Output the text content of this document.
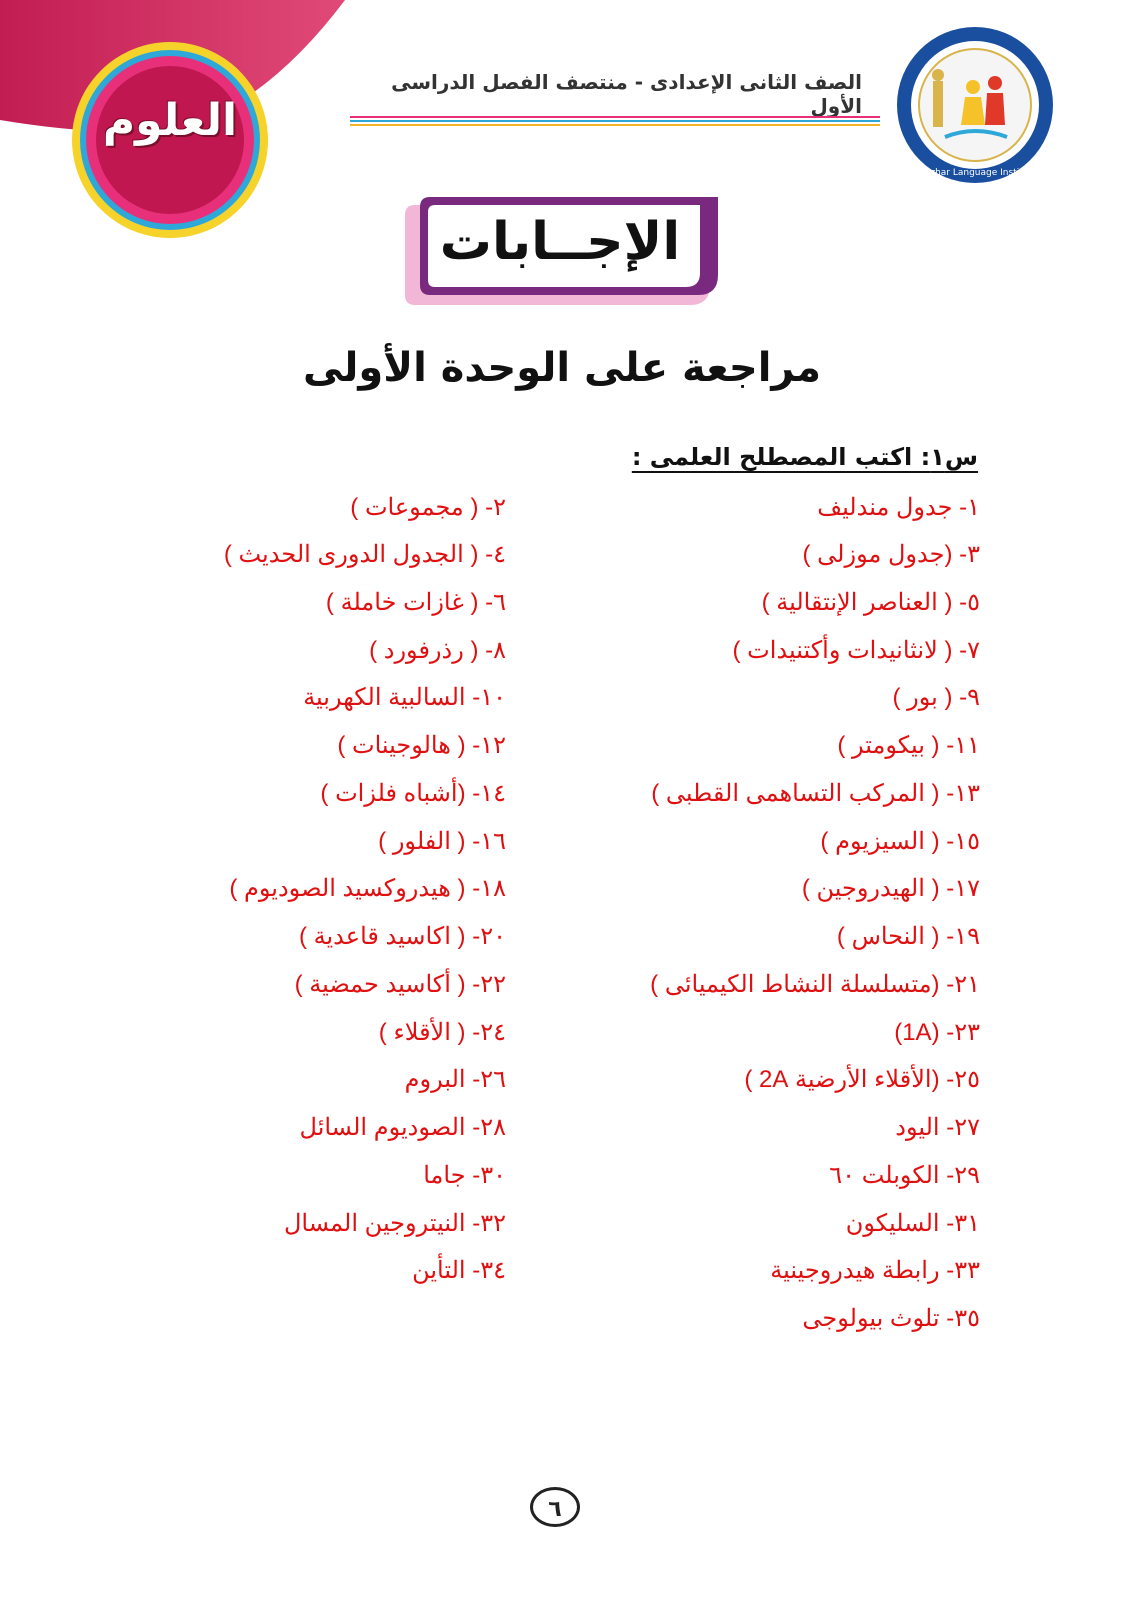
العلوم
الصف الثانى الإعدادى - منتصف الفصل الدراسى الأول
Al-Azhar Language Institute
الإجــابات
مراجعة على الوحدة الأولى
س١: اكتب المصطلح العلمى :
١- جدول مندليف
٢- ( مجموعات )
٣- (جدول موزلى )
٤- ( الجدول الدورى الحديث )
٥- ( العناصر الإنتقالية )
٦- ( غازات خاملة )
٧- ( لانثانيدات وأكتنيدات )
٨- ( رذرفورد )
٩- ( بور )
١٠- السالبية الكهربية
١١- ( بيكومتر )
١٢- ( هالوجينات )
١٣- ( المركب التساهمى القطبى )
١٤- (أشباه فلزات )
١٥- ( السيزيوم )
١٦- ( الفلور )
١٧- ( الهيدروجين )
١٨- ( هيدروكسيد الصوديوم )
١٩- ( النحاس )
٢٠- ( اكاسيد قاعدية )
٢١- (متسلسلة النشاط الكيميائى )
٢٢- ( أكاسيد حمضية )
٢٣- (1A)
٢٤- ( الأقلاء )
٢٥- (الأقلاء الأرضية 2A )
٢٦- البروم
٢٧- اليود
٢٨- الصوديوم السائل
٢٩- الكوبلت ٦٠
٣٠- جاما
٣١- السليكون
٣٢- النيتروجين المسال
٣٣- رابطة هيدروجينية
٣٤- التأين
٣٥- تلوث بيولوجى
٦
